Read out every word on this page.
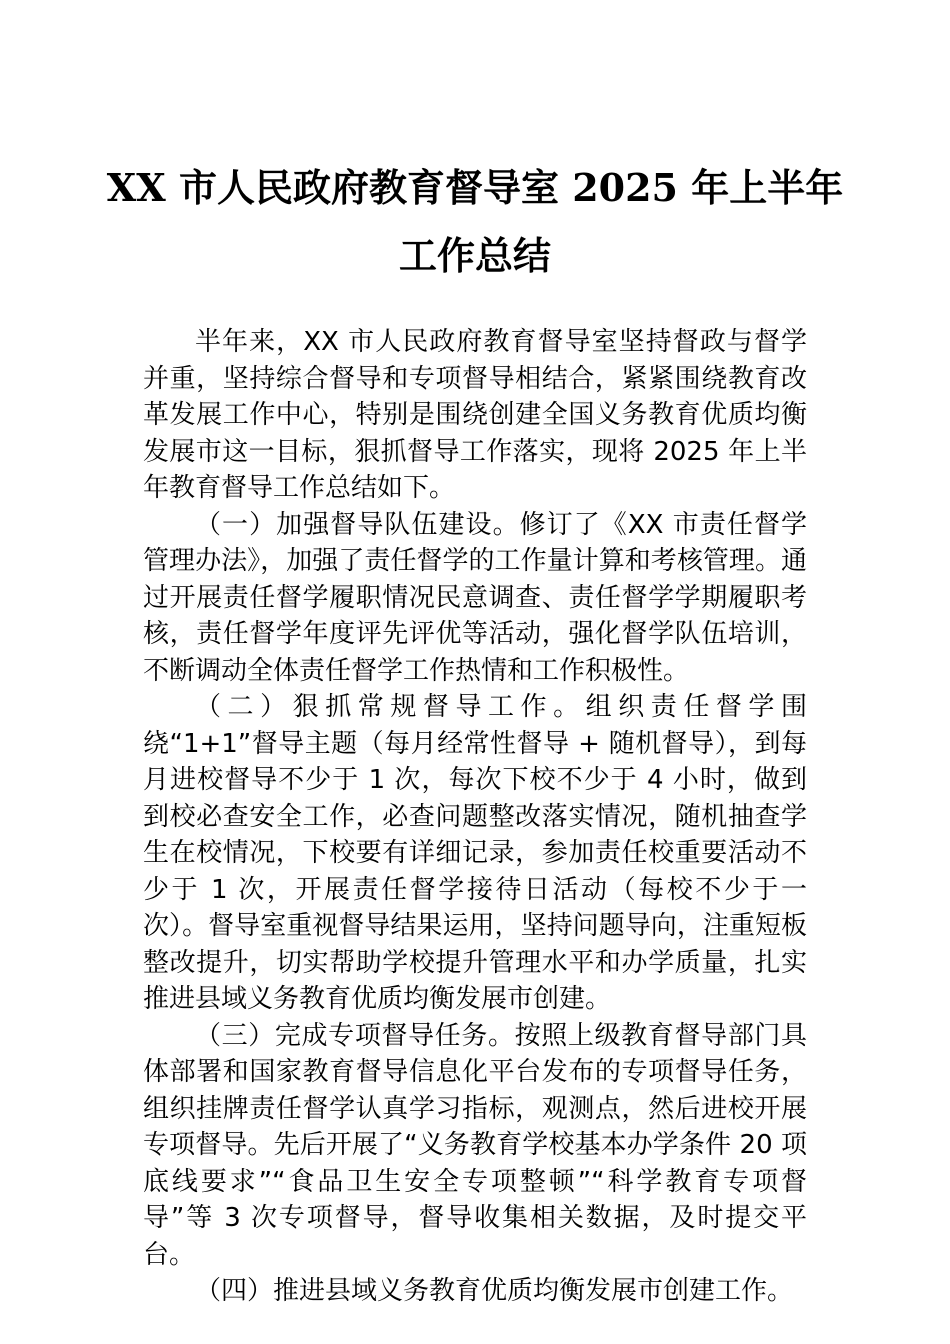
XX 市人民政府教育督导室 2025 年上半年
工作总结

半年来，XX 市人民政府教育督导室坚持督政与督学并重，坚持综合督导和专项督导相结合，紧紧围绕教育改革发展工作中心，特别是围绕创建全国义务教育优质均衡发展市这一目标，狠抓督导工作落实，现将 2025 年上半年教育督导工作总结如下。

（一）加强督导队伍建设。修订了《XX 市责任督学管理办法》，加强了责任督学的工作量计算和考核管理。通过开展责任督学履职情况民意调查、责任督学学期履职考核，责任督学年度评先评优等活动，强化督学队伍培训，不断调动全体责任督学工作热情和工作积极性。

（二）狠抓常规督导工作。组织责任督学围绕“1+1”督导主题（每月经常性督导 + 随机督导），到每月进校督导不少于 1 次，每次下校不少于 4 小时，做到到校必查安全工作，必查问题整改落实情况，随机抽查学生在校情况，下校要有详细记录，参加责任校重要活动不少于 1 次，开展责任督学接待日活动（每校不少于一次）。督导室重视督导结果运用，坚持问题导向，注重短板整改提升，切实帮助学校提升管理水平和办学质量，扎实推进县域义务教育优质均衡发展市创建。

（三）完成专项督导任务。按照上级教育督导部门具体部署和国家教育督导信息化平台发布的专项督导任务，组织挂牌责任督学认真学习指标，观测点，然后进校开展专项督导。先后开展了“义务教育学校基本办学条件 20 项底线要求”“食品卫生安全专项整顿”“科学教育专项督导”等 3 次专项督导，督导收集相关数据，及时提交平台。

（四）推进县域义务教育优质均衡发展市创建工作。
